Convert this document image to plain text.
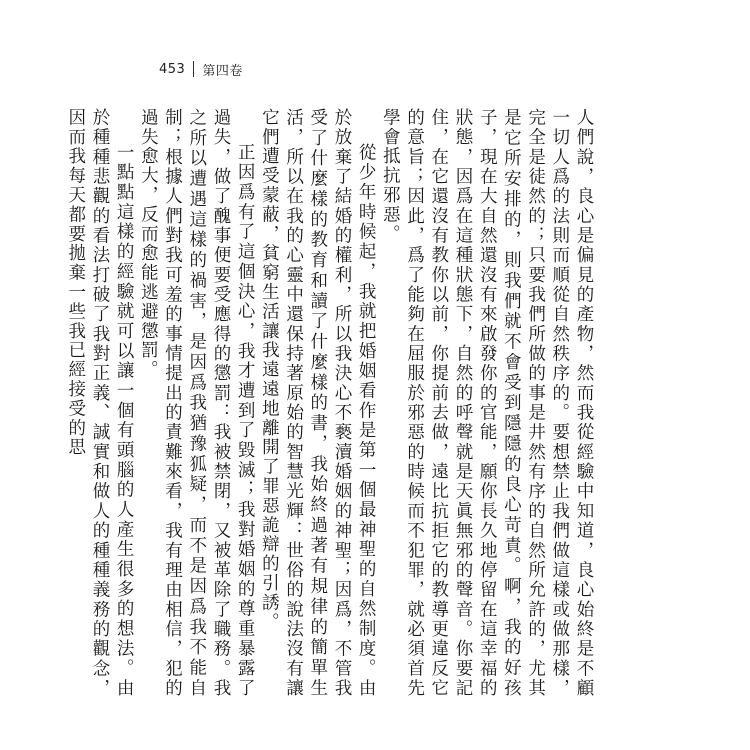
453 第四卷

人們說，良心是偏見的產物，然而我從經驗中知道，良心始終是不顧一切人爲的法則而順從自然秩序的。要想禁止我們做這樣或做那樣，完全是徒然的；只要我們所做的事是井然有序的自然所允許的，尤其是它所安排的，則我們就不會受到隱隱的良心苛責。啊，我的好孩子，現在大自然還沒有來啟發你的官能，願你長久地停留在這幸福的狀態，因爲在這種狀態下，自然的呼聲就是天眞無邪的聲音。你要記住，在它還沒有教你以前，你提前去做，遠比抗拒它的教導更違反它的意旨；因此，爲了能夠在屈服於邪惡的時候而不犯罪，就必須首先學會抵抗邪惡。

從少年時候起，我就把婚姻看作是第一個最神聖的自然制度。由於放棄了結婚的權利，所以我決心不褻瀆婚姻的神聖；因爲，不管我受了什麼樣的教育和讀了什麼樣的書，我始終過著有規律的簡單生活，所以在我的心靈中還保持著原始的智慧光輝：世俗的說法沒有讓它們遭受蒙蔽，貧窮生活讓我遠遠地離開了罪惡詭辯的引誘。

正因爲有了這個決心，我才遭到了毀滅；我對婚姻的尊重暴露了過失，做了醜事便要受應得的懲罰：我被禁閉，又被革除了職務。我之所以遭遇這樣的禍害，是因爲我猶豫狐疑，而不是因爲我不能自制；根據人們對我可羞的事情提出的責難來看，我有理由相信，犯的過失愈大，反而愈能逃避懲罰。

一點點這樣的經驗就可以讓一個有頭腦的人產生很多的想法。由於種種悲觀的看法打破了我對正義、誠實和做人的種種義務的觀念，因而我每天都要拋棄一些我已經接受的思
